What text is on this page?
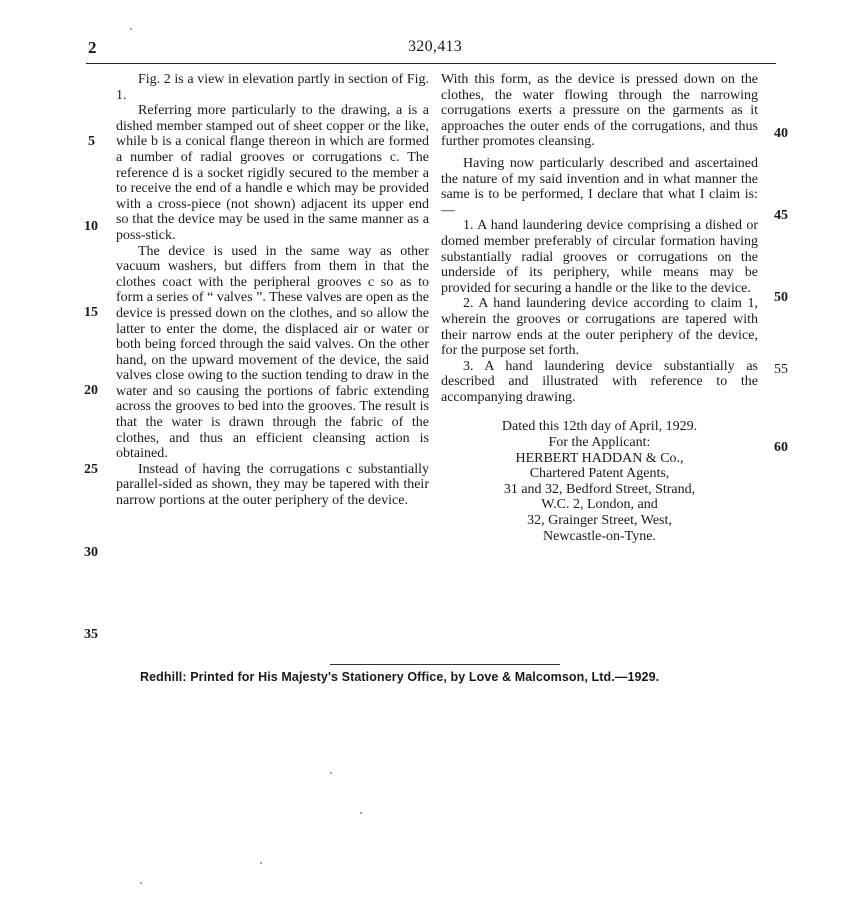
2	320,413

Fig. 2 is a view in elevation partly in section of Fig. 1.

Referring more particularly to the drawing, a is a dished member stamped out of sheet copper or the like, while b is a conical flange thereon in which are formed a number of radial grooves or corrugations c. The reference d is a socket rigidly secured to the member a to receive the end of a handle e which may be provided with a cross-piece (not shown) adjacent its upper end so that the device may be used in the same manner as a poss-stick.

The device is used in the same way as other vacuum washers, but differs from them in that the clothes coact with the peripheral grooves c so as to form a series of “ valves ”. These valves are open as the device is pressed down on the clothes, and so allow the latter to enter the dome, the displaced air or water or both being forced through the said valves. On the other hand, on the upward movement of the device, the said valves close owing to the suction tending to draw in the water and so causing the portions of fabric extending across the grooves to bed into the grooves. The result is that the water is drawn through the fabric of the clothes, and thus an efficient cleansing action is obtained.

Instead of having the corrugations c substantially parallel-sided as shown, they may be tapered with their narrow portions at the outer periphery of the device.

With this form, as the device is pressed down on the clothes, the water flowing through the narrowing corrugations exerts a pressure on the garments as it approaches the outer ends of the corrugations, and thus further promotes cleansing.

Having now particularly described and ascertained the nature of my said invention and in what manner the same is to be performed, I declare that what I claim is:—

1. A hand laundering device comprising a dished or domed member preferably of circular formation having substantially radial grooves or corrugations on the underside of its periphery, while means may be provided for securing a handle or the like to the device.

2. A hand laundering device according to claim 1, wherein the grooves or corrugations are tapered with their narrow ends at the outer periphery of the device, for the purpose set forth.

3. A hand laundering device substantially as described and illustrated with reference to the accompanying drawing.

Dated this 12th day of April, 1929.

For the Applicant:

HERBERT HADDAN & Co.,

Chartered Patent Agents,

31 and 32, Bedford Street, Strand,

W.C. 2, London, and

32, Grainger Street, West,

Newcastle-on-Tyne.

5
10
15
20
25
30
35
40
45
50
55
60
Redhill: Printed for His Majesty's Stationery Office, by Love & Malcomson, Ltd.—1929.
